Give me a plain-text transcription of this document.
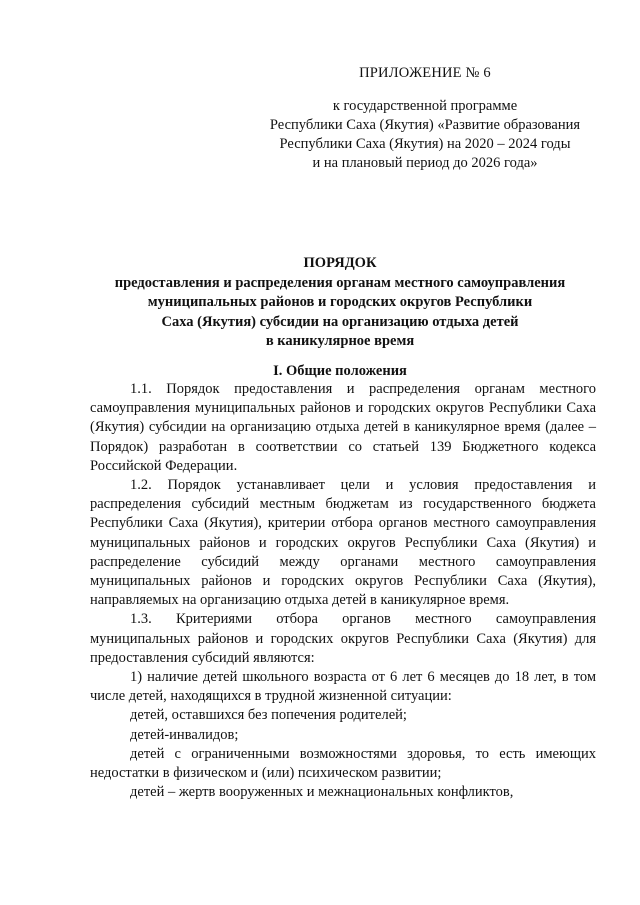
ПРИЛОЖЕНИЕ № 6
к государственной программе
Республики Саха (Якутия) «Развитие образования
Республики Саха (Якутия) на 2020 – 2024 годы
и на плановый период до 2026 года»
ПОРЯДОК
предоставления и распределения органам местного самоуправления
муниципальных районов и городских округов Республики
Саха (Якутия) субсидии на организацию отдыха детей
в каникулярное время
I. Общие положения

1.1. Порядок предоставления и распределения органам местного самоуправления муниципальных районов и городских округов Республики Саха (Якутия) субсидии на организацию отдыха детей в каникулярное время (далее – Порядок) разработан в соответствии со статьей 139 Бюджетного кодекса Российской Федерации.

1.2. Порядок устанавливает цели и условия предоставления и распределения субсидий местным бюджетам из государственного бюджета Республики Саха (Якутия), критерии отбора органов местного самоуправления муниципальных районов и городских округов Республики Саха (Якутия) и распределение субсидий между органами местного самоуправления муниципальных районов и городских округов Республики Саха (Якутия), направляемых на организацию отдыха детей в каникулярное время.

1.3. Критериями отбора органов местного самоуправления муниципальных районов и городских округов Республики Саха (Якутия) для предоставления субсидий являются:

1) наличие детей школьного возраста от 6 лет 6 месяцев до 18 лет, в том числе детей, находящихся в трудной жизненной ситуации:

детей, оставшихся без попечения родителей;

детей-инвалидов;

детей с ограниченными возможностями здоровья, то есть имеющих недостатки в физическом и (или) психическом развитии;

детей – жертв вооруженных и межнациональных конфликтов,
